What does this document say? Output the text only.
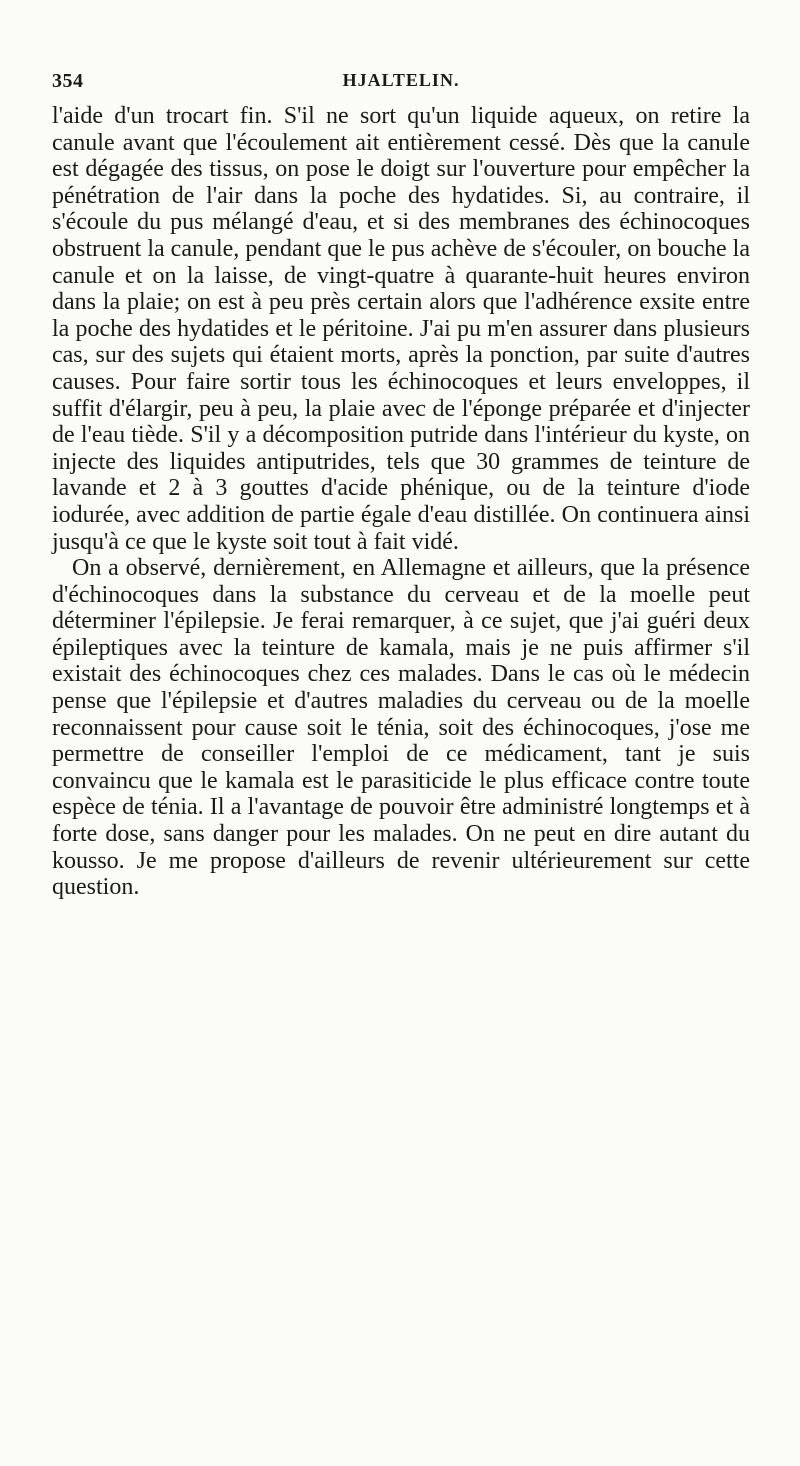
354	HJALTELIN.

l'aide d'un trocart fin. S'il ne sort qu'un liquide aqueux, on retire la canule avant que l'écoulement ait entièrement cessé. Dès que la canule est dégagée des tissus, on pose le doigt sur l'ouverture pour empêcher la pénétration de l'air dans la poche des hydatides. Si, au contraire, il s'écoule du pus mélangé d'eau, et si des membranes des échinocoques obstruent la canule, pendant que le pus achève de s'écouler, on bouche la canule et on la laisse, de vingt-quatre à quarante-huit heures environ dans la plaie; on est à peu près certain alors que l'adhérence exsite entre la poche des hydatides et le péritoine. J'ai pu m'en assurer dans plusieurs cas, sur des sujets qui étaient morts, après la ponction, par suite d'autres causes. Pour faire sortir tous les échinocoques et leurs enveloppes, il suffit d'élargir, peu à peu, la plaie avec de l'éponge préparée et d'injecter de l'eau tiède. S'il y a décomposition putride dans l'intérieur du kyste, on injecte des liquides antiputrides, tels que 30 grammes de teinture de lavande et 2 à 3 gouttes d'acide phénique, ou de la teinture d'iode iodurée, avec addition de partie égale d'eau distillée. On continuera ainsi jusqu'à ce que le kyste soit tout à fait vidé.

On a observé, dernièrement, en Allemagne et ailleurs, que la présence d'échinocoques dans la substance du cerveau et de la moelle peut déterminer l'épilepsie. Je ferai remarquer, à ce sujet, que j'ai guéri deux épileptiques avec la teinture de kamala, mais je ne puis affirmer s'il existait des échinocoques chez ces malades. Dans le cas où le médecin pense que l'épilepsie et d'autres maladies du cerveau ou de la moelle reconnaissent pour cause soit le ténia, soit des échinocoques, j'ose me permettre de conseiller l'emploi de ce médicament, tant je suis convaincu que le kamala est le parasiticide le plus efficace contre toute espèce de ténia. Il a l'avantage de pouvoir être administré longtemps et à forte dose, sans danger pour les malades. On ne peut en dire autant du kousso. Je me propose d'ailleurs de revenir ultérieurement sur cette question.
